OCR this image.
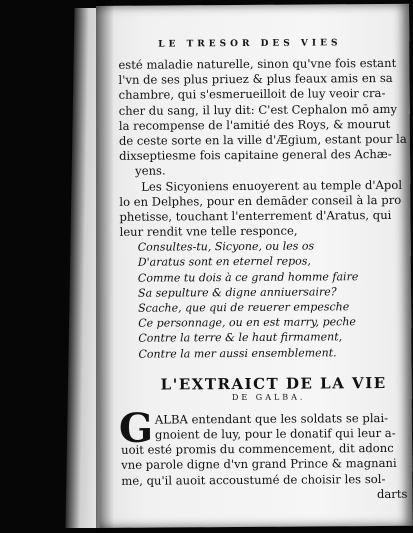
LE TRESOR DES VIES
esté maladie naturelle, sinon qu'vne fois estant
l'vn de ses plus priuez & plus feaux amis en sa
chambre, qui s'esmerueilloit de luy veoir cra-
cher du sang, il luy dit: C'est Cephalon mō amy
la recompense de l'amitié des Roys, & mourut
de ceste sorte en la ville d'Ægium, estant pour la
dixseptiesme fois capitaine general des Achæ-
yens.
Les Sicyoniens enuoyerent au temple d'Apol
lo en Delphes, pour en demāder conseil à la pro
phetisse, touchant l'enterrement d'Aratus, qui
leur rendit vne telle responce,
Consultes-tu, Sicyone, ou les os
D'aratus sont en eternel repos,
Comme tu dois à ce grand homme faire
Sa sepulture & digne anniuersaire?
Scache, que qui de reuerer empesche
Ce personnage, ou en est marry, peche
Contre la terre & le haut firmament,
Contre la mer aussi ensemblement.
L'EXTRAICT DE LA VIE
DE GALBA.
G ALBA entendant que les soldats se plai-
gnoient de luy, pour le donatif qui leur a-
uoit esté promis du commencement, dit adonc
vne parole digne d'vn grand Prince & magnani
me, qu'il auoit accoustumé de choisir les sol-
darts
